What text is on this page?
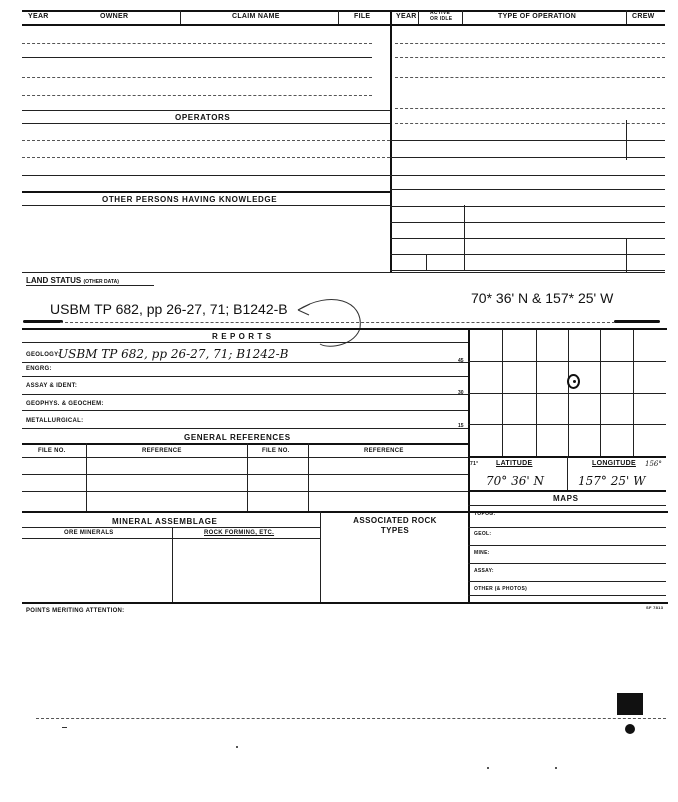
YEAR	OWNER	CLAIM NAME	FILE	YEAR	ACTIVE OR IDLE	TYPE OF OPERATION	CREW
OPERATORS
OTHER PERSONS HAVING KNOWLEDGE
LAND STATUS (OTHER DATA)
USBM TP 682, pp 26-27, 71; B1242-B
70* 36' N & 157* 25' W
R E P O R T S
GEOLOGY:
USBM TP 682, pp 26-27, 71; B1242-B
ENGRG:
ASSAY & IDENT:
GEOPHYS. & GEOCHEM:
METALLURGICAL:
45
30
15
GENERAL REFERENCES
FILE NO.	REFERENCE	FILE NO.	REFERENCE
71°	LATITUDE	LONGITUDE 156°
70° 36' N	157° 25' W
MAPS
TOPOG:
GEOL:
MINE:
ASSAY:
OTHER (& PHOTOS)
MINERAL ASSEMBLAGE
ORE MINERALS	ROCK FORMING, ETC.
ASSOCIATED ROCK TYPES
POINTS MERITING ATTENTION:
SF 7813
